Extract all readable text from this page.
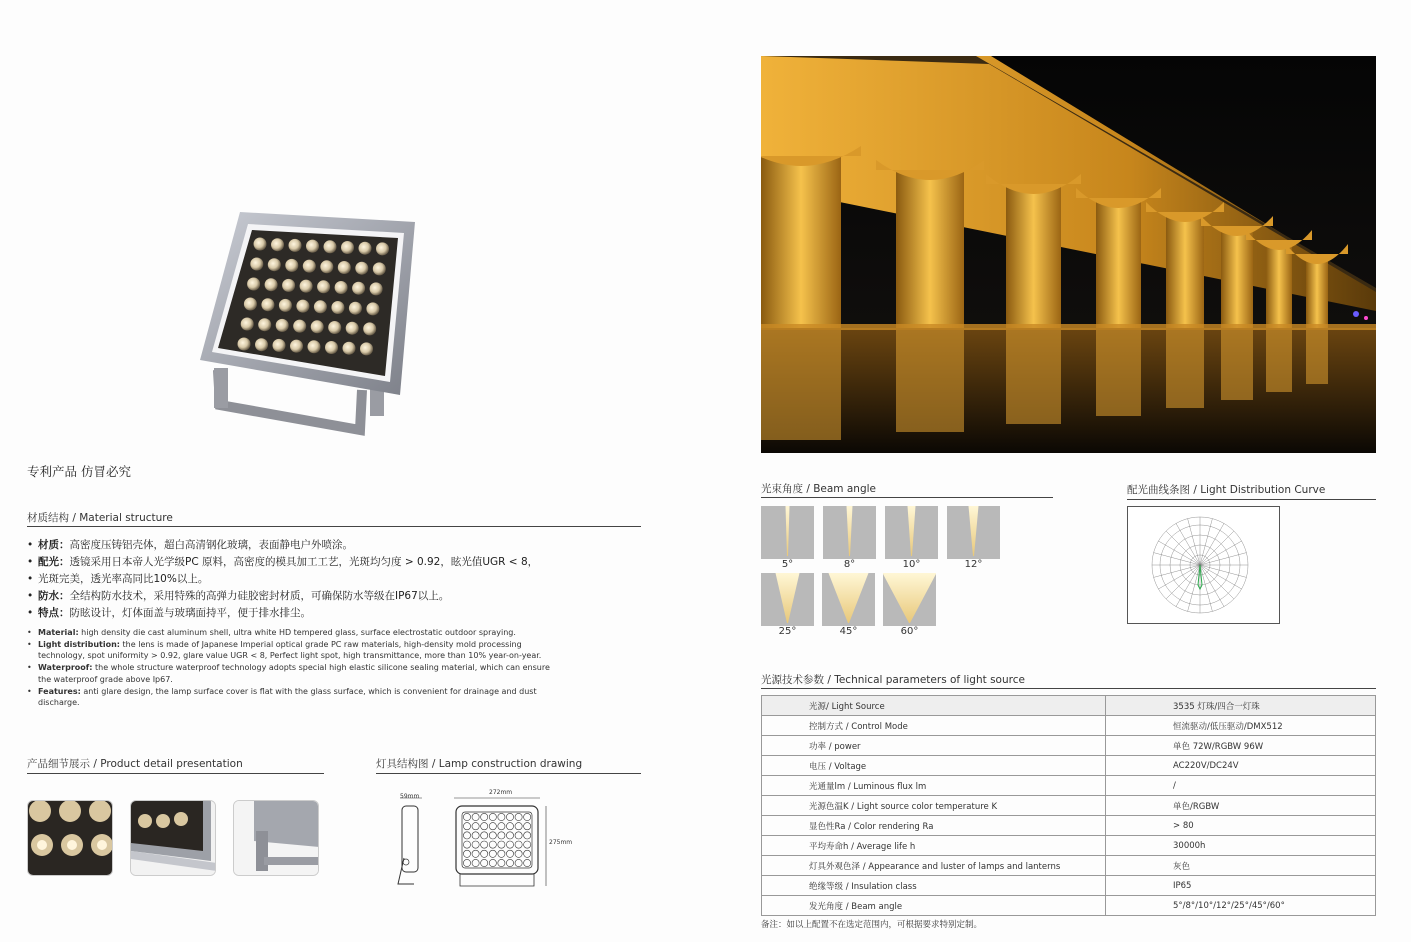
专利产品 仿冒必究
材质结构 / Material structure
• 材质：高密度压铸铝壳体，超白高清钢化玻璃，表面静电户外喷涂。
• 配光：透镜采用日本帝人光学级PC 原料，高密度的模具加工工艺，光斑均匀度 > 0.92，眩光值UGR < 8，
• 光斑完美，透光率高同比10%以上。
• 防水：全结构防水技术，采用特殊的高弹力硅胶密封材质，可确保防水等级在IP67以上。
• 特点：防眩设计，灯体面盖与玻璃面持平，便于排水排尘。
• Material: high density die cast aluminum shell, ultra white HD tempered glass, surface electrostatic outdoor spraying.
• Light distribution: the lens is made of Japanese Imperial optical grade PC raw materials, high-density mold processing technology, spot uniformity > 0.92, glare value UGR < 8, Perfect light spot, high transmittance, more than 10% year-on-year.
• Waterproof: the whole structure waterproof technology adopts special high elastic silicone sealing material, which can ensure the waterproof grade above Ip67.
• Features: anti glare design, the lamp surface cover is flat with the glass surface, which is convenient for drainage and dust discharge.
产品细节展示 / Product detail presentation	灯具结构图 / Lamp construction drawing
59mm
272mm
275mm
光束角度 / Beam angle
5°	8°	10°	12°
25°	45°	60°
配光曲线条图 / Light Distribution Curve
光源技术参数 / Technical parameters of light source
光源/ Light Source	3535 灯珠/四合一灯珠
控制方式 / Control Mode	恒流驱动/低压驱动/DMX512
功率 / power	单色 72W/RGBW 96W
电压 / Voltage	AC220V/DC24V
光通量lm / Luminous flux lm	/
光源色温K / Light source color temperature K	单色/RGBW
显色性Ra / Color rendering Ra	> 80
平均寿命h / Average life h	30000h
灯具外观色泽 / Appearance and luster of lamps and lanterns	灰色
绝缘等级 / Insulation class	IP65
发光角度 / Beam angle	5°/8°/10°/12°/25°/45°/60°
备注：如以上配置不在选定范围内，可根据要求特别定制。
